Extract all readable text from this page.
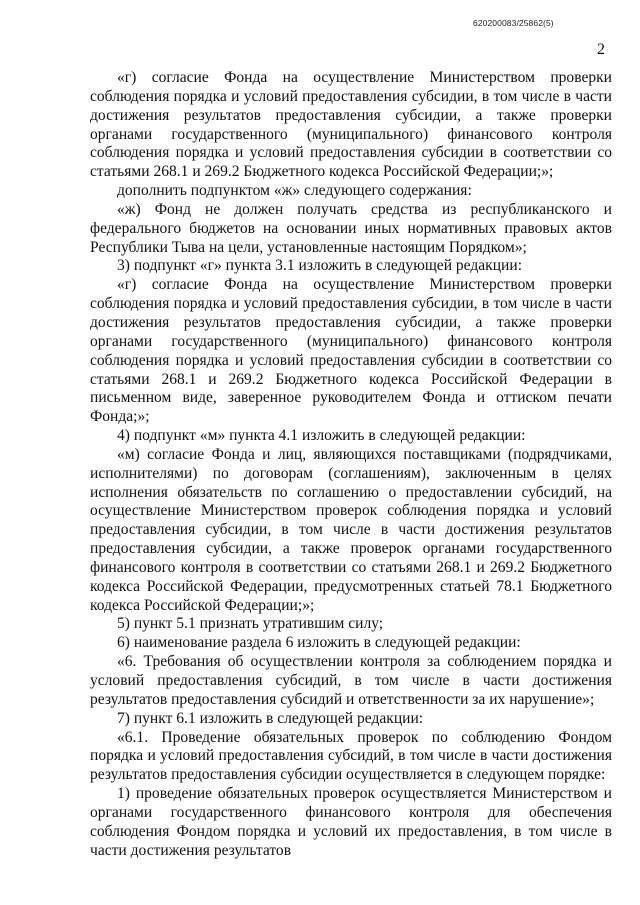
620200083/25862(5)
2

«г) согласие Фонда на осуществление Министерством проверки соблюдения порядка и условий предоставления субсидии, в том числе в части достижения результатов предоставления субсидии, а также проверки органами государственного (муниципального) финансового контроля соблюдения порядка и условий предоставления субсидии в соответствии со статьями 268.1 и 269.2 Бюджетного кодекса Российской Федерации;»;

дополнить подпунктом «ж» следующего содержания:

«ж) Фонд не должен получать средства из республиканского и федерального бюджетов на основании иных нормативных правовых актов Республики Тыва на цели, установленные настоящим Порядком»;

3) подпункт «г» пункта 3.1 изложить в следующей редакции:

«г) согласие Фонда на осуществление Министерством проверки соблюдения порядка и условий предоставления субсидии, в том числе в части достижения результатов предоставления субсидии, а также проверки органами государственного (муниципального) финансового контроля соблюдения порядка и условий предоставления субсидии в соответствии со статьями 268.1 и 269.2 Бюджетного кодекса Российской Федерации в письменном виде, заверенное руководителем Фонда и оттиском печати Фонда;»;

4) подпункт «м» пункта 4.1 изложить в следующей редакции:

«м) согласие Фонда и лиц, являющихся поставщиками (подрядчиками, исполнителями) по договорам (соглашениям), заключенным в целях исполнения обязательств по соглашению о предоставлении субсидий, на осуществление Министерством проверок соблюдения порядка и условий предоставления субсидии, в том числе в части достижения результатов предоставления субсидии, а также проверок органами государственного финансового контроля в соответствии со статьями 268.1 и 269.2 Бюджетного кодекса Российской Федерации, предусмотренных статьей 78.1 Бюджетного кодекса Российской Федерации;»;

5) пункт 5.1 признать утратившим силу;

6) наименование раздела 6 изложить в следующей редакции:

«6. Требования об осуществлении контроля за соблюдением порядка и условий предоставления субсидий, в том числе в части достижения результатов предоставления субсидий и ответственности за их нарушение»;

7) пункт 6.1 изложить в следующей редакции:

«6.1. Проведение обязательных проверок по соблюдению Фондом порядка и условий предоставления субсидий, в том числе в части достижения результатов предоставления субсидии осуществляется в следующем порядке:

1) проведение обязательных проверок осуществляется Министерством и органами государственного финансового контроля для обеспечения соблюдения Фондом порядка и условий их предоставления, в том числе в части достижения результатов
